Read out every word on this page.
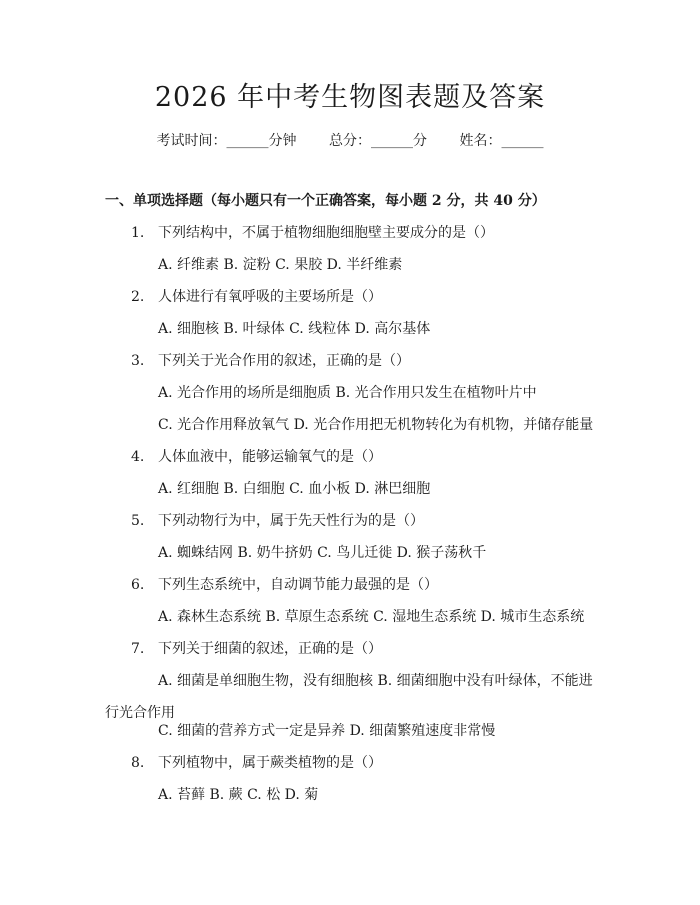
2026 年中考生物图表题及答案
考试时间：______分钟 总分：______分 姓名：______
一、单项选择题（每小题只有一个正确答案，每小题 2 分，共 40 分）
1. 下列结构中，不属于植物细胞细胞壁主要成分的是（）
A. 纤维素 B. 淀粉 C. 果胶 D. 半纤维素
2. 人体进行有氧呼吸的主要场所是（）
A. 细胞核 B. 叶绿体 C. 线粒体 D. 高尔基体
3. 下列关于光合作用的叙述，正确的是（）
A. 光合作用的场所是细胞质 B. 光合作用只发生在植物叶片中
C. 光合作用释放氧气 D. 光合作用把无机物转化为有机物，并储存能量
4. 人体血液中，能够运输氧气的是（）
A. 红细胞 B. 白细胞 C. 血小板 D. 淋巴细胞
5. 下列动物行为中，属于先天性行为的是（）
A. 蜘蛛结网 B. 奶牛挤奶 C. 鸟儿迁徙 D. 猴子荡秋千
6. 下列生态系统中，自动调节能力最强的是（）
A. 森林生态系统 B. 草原生态系统 C. 湿地生态系统 D. 城市生态系统
7. 下列关于细菌的叙述，正确的是（）
A. 细菌是单细胞生物，没有细胞核 B. 细菌细胞中没有叶绿体，不能进行光合作用
C. 细菌的营养方式一定是异养 D. 细菌繁殖速度非常慢
8. 下列植物中，属于蕨类植物的是（）
A. 苔藓 B. 蕨 C. 松 D. 菊
